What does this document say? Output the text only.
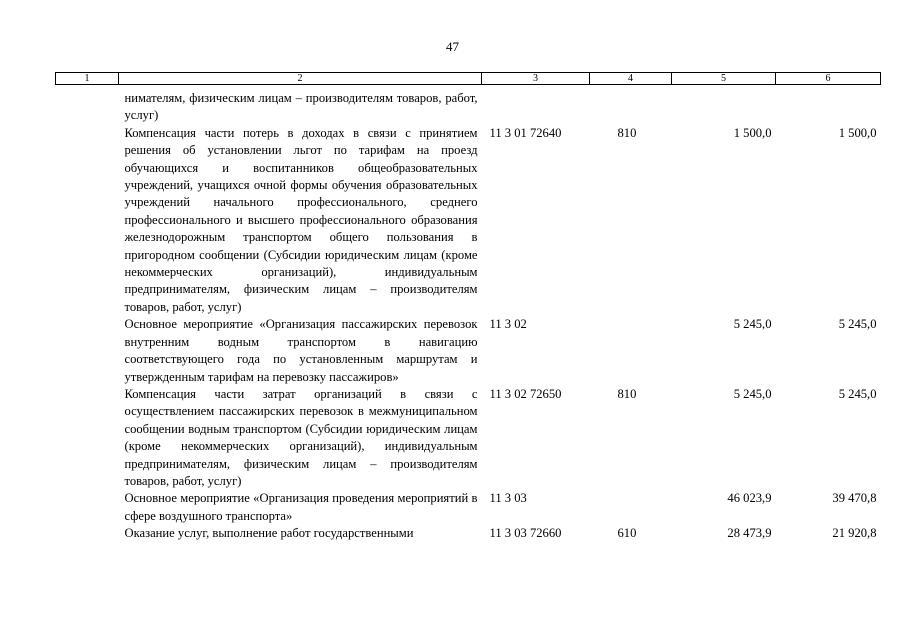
47
1	2	3	4	5	6
	нимателям, физическим лицам – производителям товаров, работ, услуг)				
	Компенсация части потерь в доходах в связи с принятием решения об установлении льгот по тарифам на проезд обучающихся и воспитанников общеобразовательных учреждений, учащихся очной формы обучения образовательных учреждений начального профессионального, среднего профессионального и высшего профессионального образования железнодорожным транспортом общего пользования в пригородном сообщении (Субсидии юридическим лицам (кроме некоммерческих организаций), индивидуальным предпринимателям, физическим лицам – производителям товаров, работ, услуг)	11 3 01 72640	810	1 500,0	1 500,0
	Основное мероприятие «Организация пассажирских перевозок внутренним водным транспортом в навигацию соответствующего года по установленным маршрутам и утвержденным тарифам на перевозку пассажиров»	11 3 02		5 245,0	5 245,0
	Компенсация части затрат организаций в связи с осуществлением пассажирских перевозок в межмуниципальном сообщении водным транспортом (Субсидии юридическим лицам (кроме некоммерческих организаций), индивидуальным предпринимателям, физическим лицам – производителям товаров, работ, услуг)	11 3 02 72650	810	5 245,0	5 245,0
	Основное мероприятие «Организация проведения мероприятий в сфере воздушного транспорта»	11 3 03		46 023,9	39 470,8
	Оказание услуг, выполнение работ государственными	11 3 03 72660	610	28 473,9	21 920,8
